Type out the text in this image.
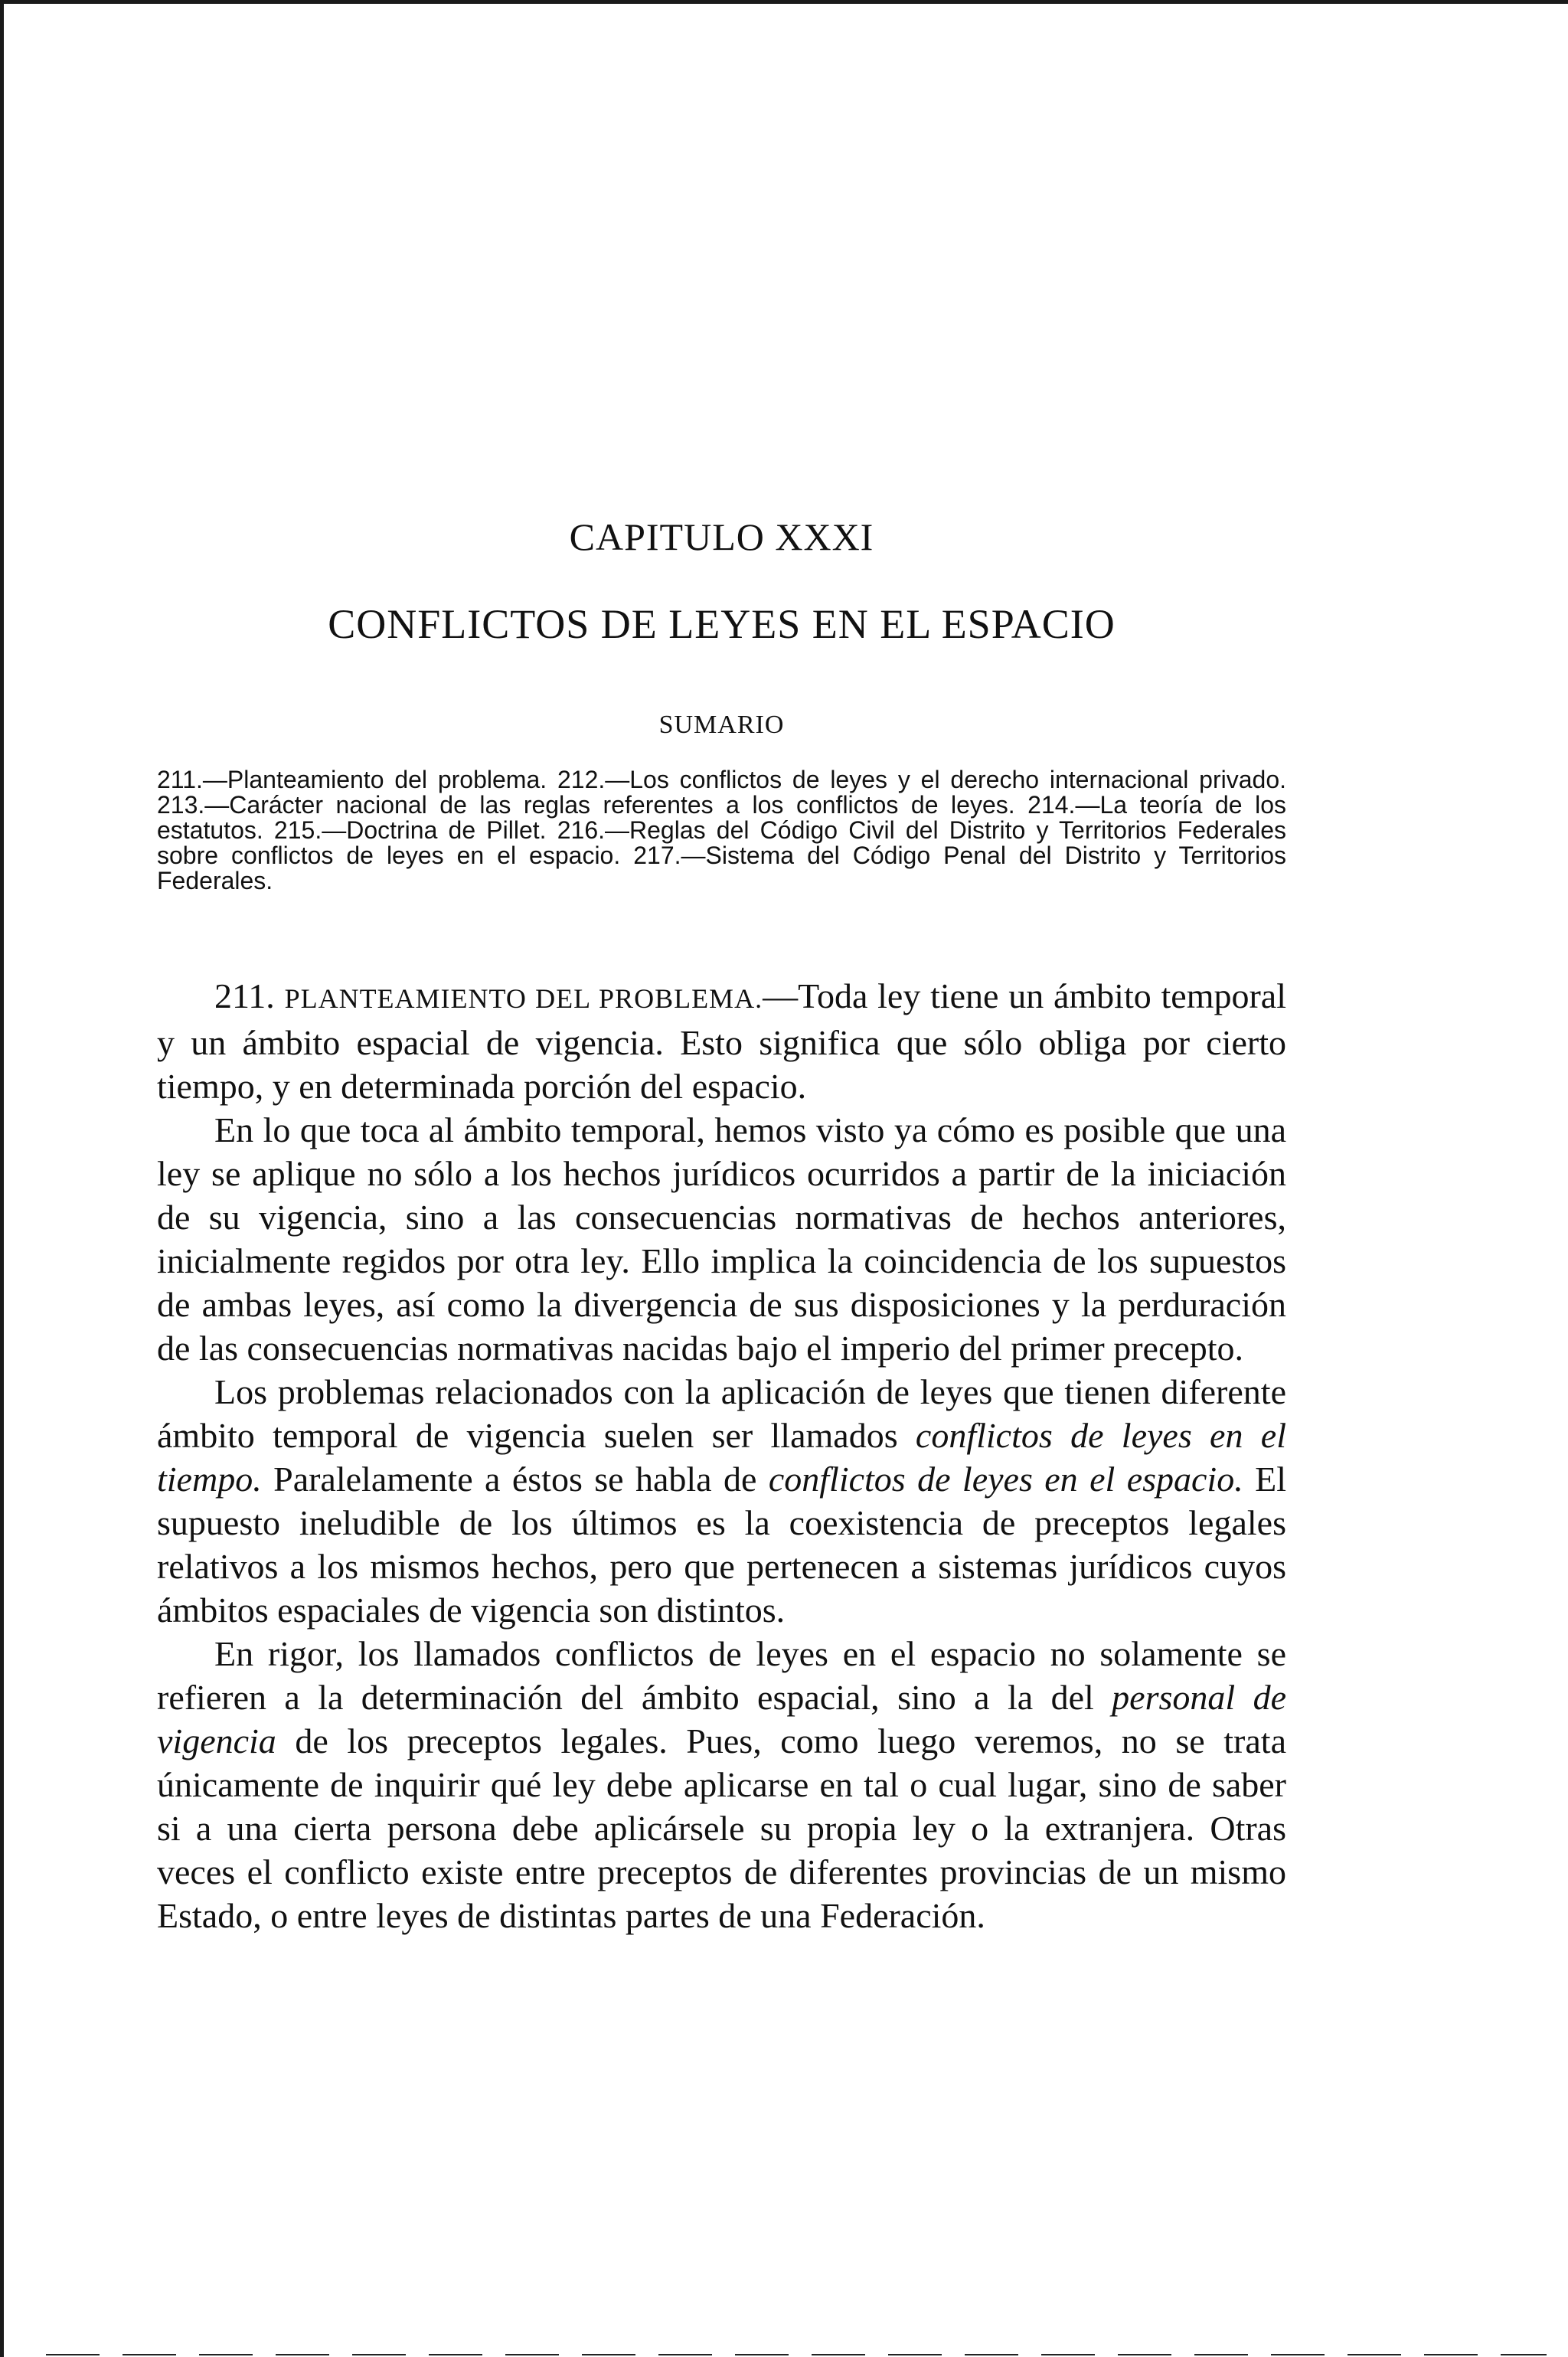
CAPITULO XXXI
CONFLICTOS DE LEYES EN EL ESPACIO
SUMARIO
211.—Planteamiento del problema. 212.—Los conflictos de leyes y el derecho internacional privado. 213.—Carácter nacional de las reglas referentes a los conflictos de leyes. 214.—La teoría de los estatutos. 215.—Doctrina de Pillet. 216.—Reglas del Código Civil del Distrito y Territorios Federales sobre conflictos de leyes en el espacio. 217.—Sistema del Código Penal del Distrito y Territorios Federales.

211. PLANTEAMIENTO DEL PROBLEMA.—Toda ley tiene un ámbito temporal y un ámbito espacial de vigencia. Esto significa que sólo obliga por cierto tiempo, y en determinada porción del espacio.

En lo que toca al ámbito temporal, hemos visto ya cómo es posible que una ley se aplique no sólo a los hechos jurídicos ocurridos a partir de la iniciación de su vigencia, sino a las consecuencias normativas de hechos anteriores, inicialmente regidos por otra ley. Ello implica la coincidencia de los supuestos de ambas leyes, así como la divergencia de sus disposiciones y la perduración de las consecuencias normativas nacidas bajo el imperio del primer precepto.

Los problemas relacionados con la aplicación de leyes que tienen diferente ámbito temporal de vigencia suelen ser llamados conflictos de leyes en el tiempo. Paralelamente a éstos se habla de conflictos de leyes en el espacio. El supuesto ineludible de los últimos es la coexistencia de preceptos legales relativos a los mismos hechos, pero que pertenecen a sistemas jurídicos cuyos ámbitos espaciales de vigencia son distintos.

En rigor, los llamados conflictos de leyes en el espacio no solamente se refieren a la determinación del ámbito espacial, sino a la del personal de vigencia de los preceptos legales. Pues, como luego veremos, no se trata únicamente de inquirir qué ley debe aplicarse en tal o cual lugar, sino de saber si a una cierta persona debe aplicársele su propia ley o la extranjera. Otras veces el conflicto existe entre preceptos de diferentes provincias de un mismo Estado, o entre leyes de distintas partes de una Federación.
